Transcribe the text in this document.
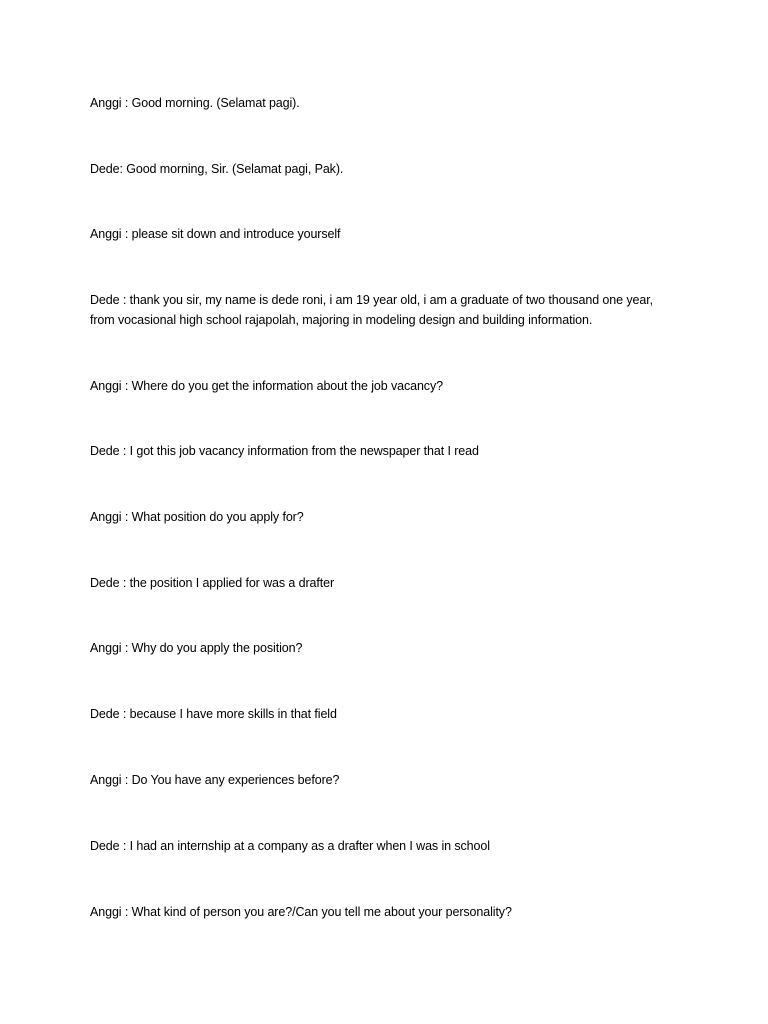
Anggi : Good morning. (Selamat pagi).

Dede: Good morning, Sir. (Selamat pagi, Pak).

Anggi : please sit down and introduce yourself

Dede : thank you sir, my name is dede roni, i am 19 year old, i am a graduate of two thousand one year,

from vocasional high school rajapolah, majoring in modeling design and building information.

Anggi : Where do you get the information about the job vacancy?

Dede : I got this job vacancy information from the newspaper that I read

Anggi : What position do you apply for?

Dede : the position I applied for was a drafter

Anggi : Why do you apply the position?

Dede : because I have more skills in that field

Anggi : Do You have any experiences before?

Dede : I had an internship at a company as a drafter when I was in school

Anggi : What kind of person you are?/Can you tell me about your personality?
